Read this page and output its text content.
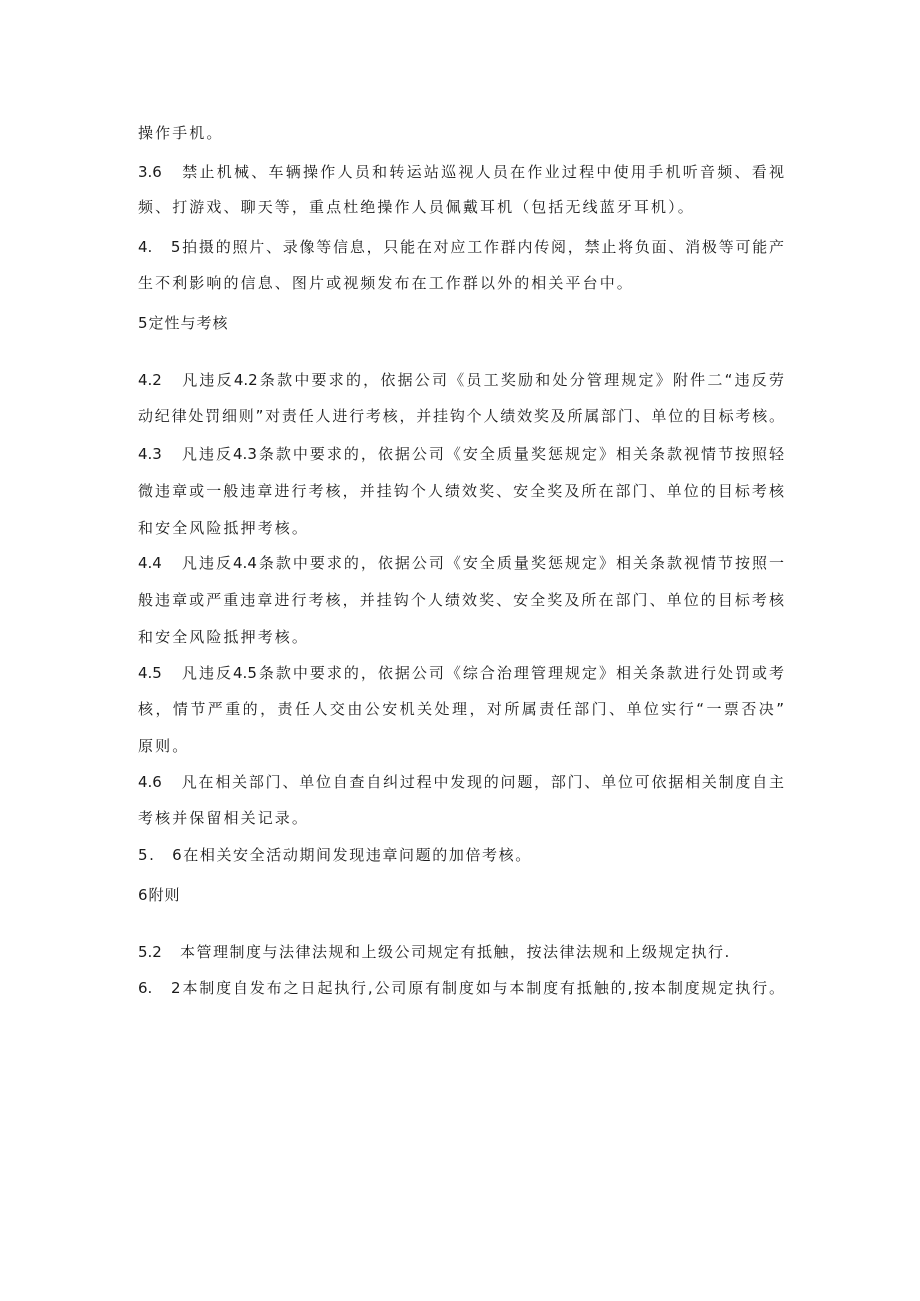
操作手机。
3.6 禁止机械、车辆操作人员和转运站巡视人员在作业过程中使用手机听音频、看视
频、打游戏、聊天等，重点杜绝操作人员佩戴耳机（包括无线蓝牙耳机）。
4.　5拍摄的照片、录像等信息，只能在对应工作群内传阅，禁止将负面、消极等可能产
生不利影响的信息、图片或视频发布在工作群以外的相关平台中。
5定性与考核
4.2 凡违反4.2条款中要求的，依据公司《员工奖励和处分管理规定》附件二“违反劳
动纪律处罚细则”对责任人进行考核，并挂钩个人绩效奖及所属部门、单位的目标考核。
4.3 凡违反4.3条款中要求的，依据公司《安全质量奖惩规定》相关条款视情节按照轻
微违章或一般违章进行考核，并挂钩个人绩效奖、安全奖及所在部门、单位的目标考核
和安全风险抵押考核。
4.4 凡违反4.4条款中要求的，依据公司《安全质量奖惩规定》相关条款视情节按照一
般违章或严重违章进行考核，并挂钩个人绩效奖、安全奖及所在部门、单位的目标考核
和安全风险抵押考核。
4.5 凡违反4.5条款中要求的，依据公司《综合治理管理规定》相关条款进行处罚或考
核，情节严重的，责任人交由公安机关处理，对所属责任部门、单位实行“一票否决”
原则。
4.6 凡在相关部门、单位自查自纠过程中发现的问题，部门、单位可依据相关制度自主
考核并保留相关记录。
5.　6在相关安全活动期间发现违章问题的加倍考核。
6附则
5.2 本管理制度与法律法规和上级公司规定有抵触，按法律法规和上级规定执行.
6.　2本制度自发布之日起执行,公司原有制度如与本制度有抵触的,按本制度规定执行。
